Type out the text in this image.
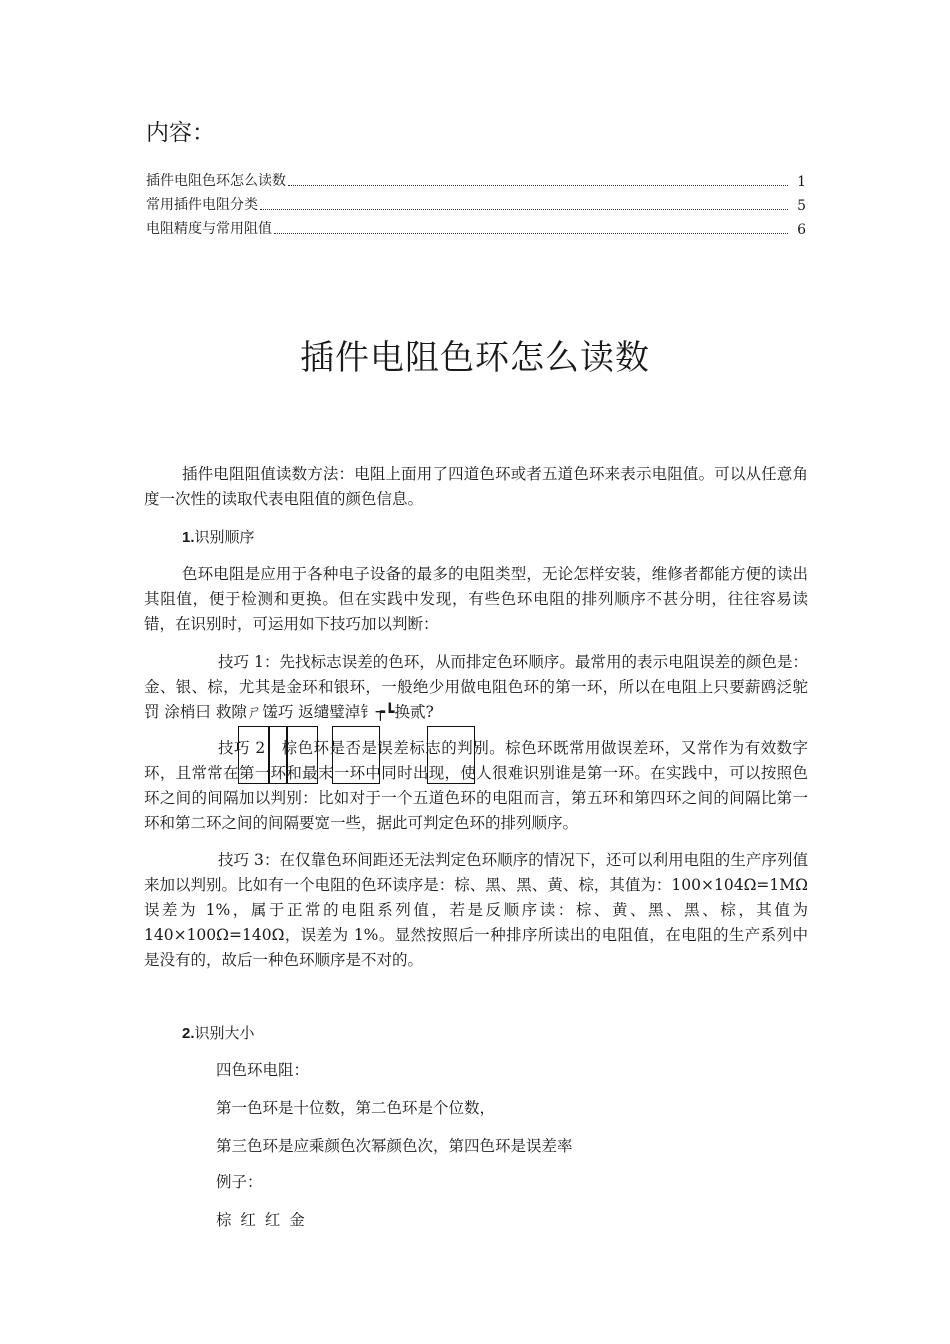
内容：
插件电阻色环怎么读数	1
常用插件电阻分类	5
电阻精度与常用阻值	6
插件电阻色环怎么读数

插件电阻阻值读数方法：电阻上面用了四道色环或者五道色环来表示电阻值。可以从任意角度一次性的读取代表电阻值的颜色信息。

1.识别顺序

色环电阻是应用于各种电子设备的最多的电阻类型，无论怎样安装，维修者都能方便的读出其阻值，便于检测和更换。但在实践中发现，有些色环电阻的排列顺序不甚分明，往往容易读错，在识别时，可运用如下技巧加以判断：

技巧 1：先找标志误差的色环，从而排定色环顺序。最常用的表示电阻误差的颜色是：金、银、棕，尤其是金环和银环，一般绝少用做电阻色环的第一环，所以在电阻上只要薪鸥泛鸵 罚 涂梢曰 救隙ㄕ馐巧 返缱璧淖钅┮┗换贰?

技巧 2：棕色环是否是误差标志的判别。棕色环既常用做误差环，又常作为有效数字环，且常常在第一环和最末一环中同时出现，使人很难识别谁是第一环。在实践中，可以按照色环之间的间隔加以判别：比如对于一个五道色环的电阻而言，第五环和第四环之间的间隔比第一环和第二环之间的间隔要宽一些，据此可判定色环的排列顺序。

技巧 3：在仅靠色环间距还无法判定色环顺序的情况下，还可以利用电阻的生产序列值来加以判别。比如有一个电阻的色环读序是：棕、黑、黑、黄、棕，其值为：100×104Ω=1MΩ 误差为 1%，属于正常的电阻系列值，若是反顺序读：棕、黄、黑、黑、棕，其值为 140×100Ω=140Ω，误差为 1%。显然按照后一种排序所读出的电阻值，在电阻的生产系列中是没有的，故后一种色环顺序是不对的。

2.识别大小

四色环电阻：

第一色环是十位数，第二色环是个位数，

第三色环是应乘颜色次幂颜色次，第四色环是误差率

例子：

棕 红 红 金
